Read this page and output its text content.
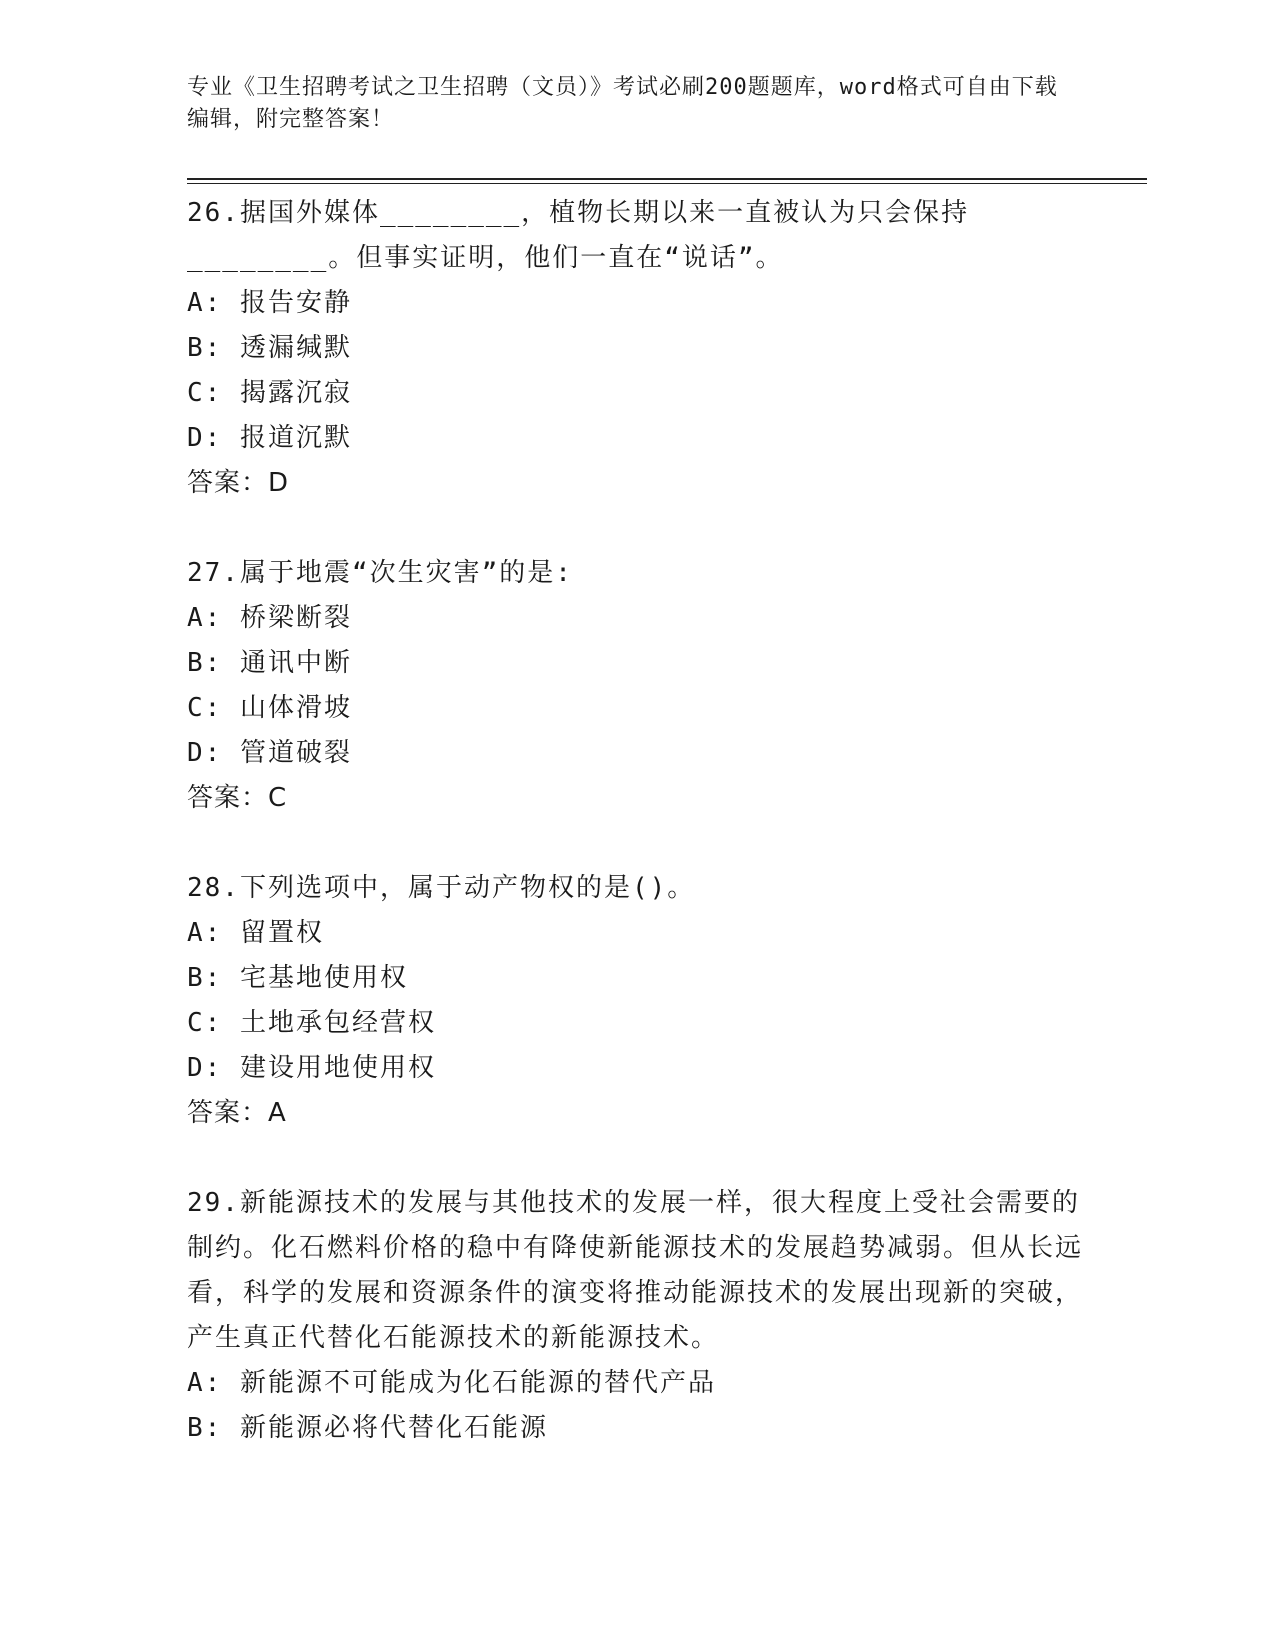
专业《卫生招聘考试之卫生招聘（文员）》考试必刷200题题库，word格式可自由下载编辑，附完整答案！

26.据国外媒体________，植物长期以来一直被认为只会保持________。但事实证明，他们一直在“说话”。

A: 报告安静

B: 透漏缄默

C: 揭露沉寂

D: 报道沉默

答案：D

27.属于地震“次生灾害”的是:

A: 桥梁断裂

B: 通讯中断

C: 山体滑坡

D: 管道破裂

答案：C

28.下列选项中，属于动产物权的是()。

A: 留置权

B: 宅基地使用权

C: 土地承包经营权

D: 建设用地使用权

答案：A

29.新能源技术的发展与其他技术的发展一样，很大程度上受社会需要的制约。化石燃料价格的稳中有降使新能源技术的发展趋势减弱。但从长远看，科学的发展和资源条件的演变将推动能源技术的发展出现新的突破，产生真正代替化石能源技术的新能源技术。

A: 新能源不可能成为化石能源的替代产品

B: 新能源必将代替化石能源
